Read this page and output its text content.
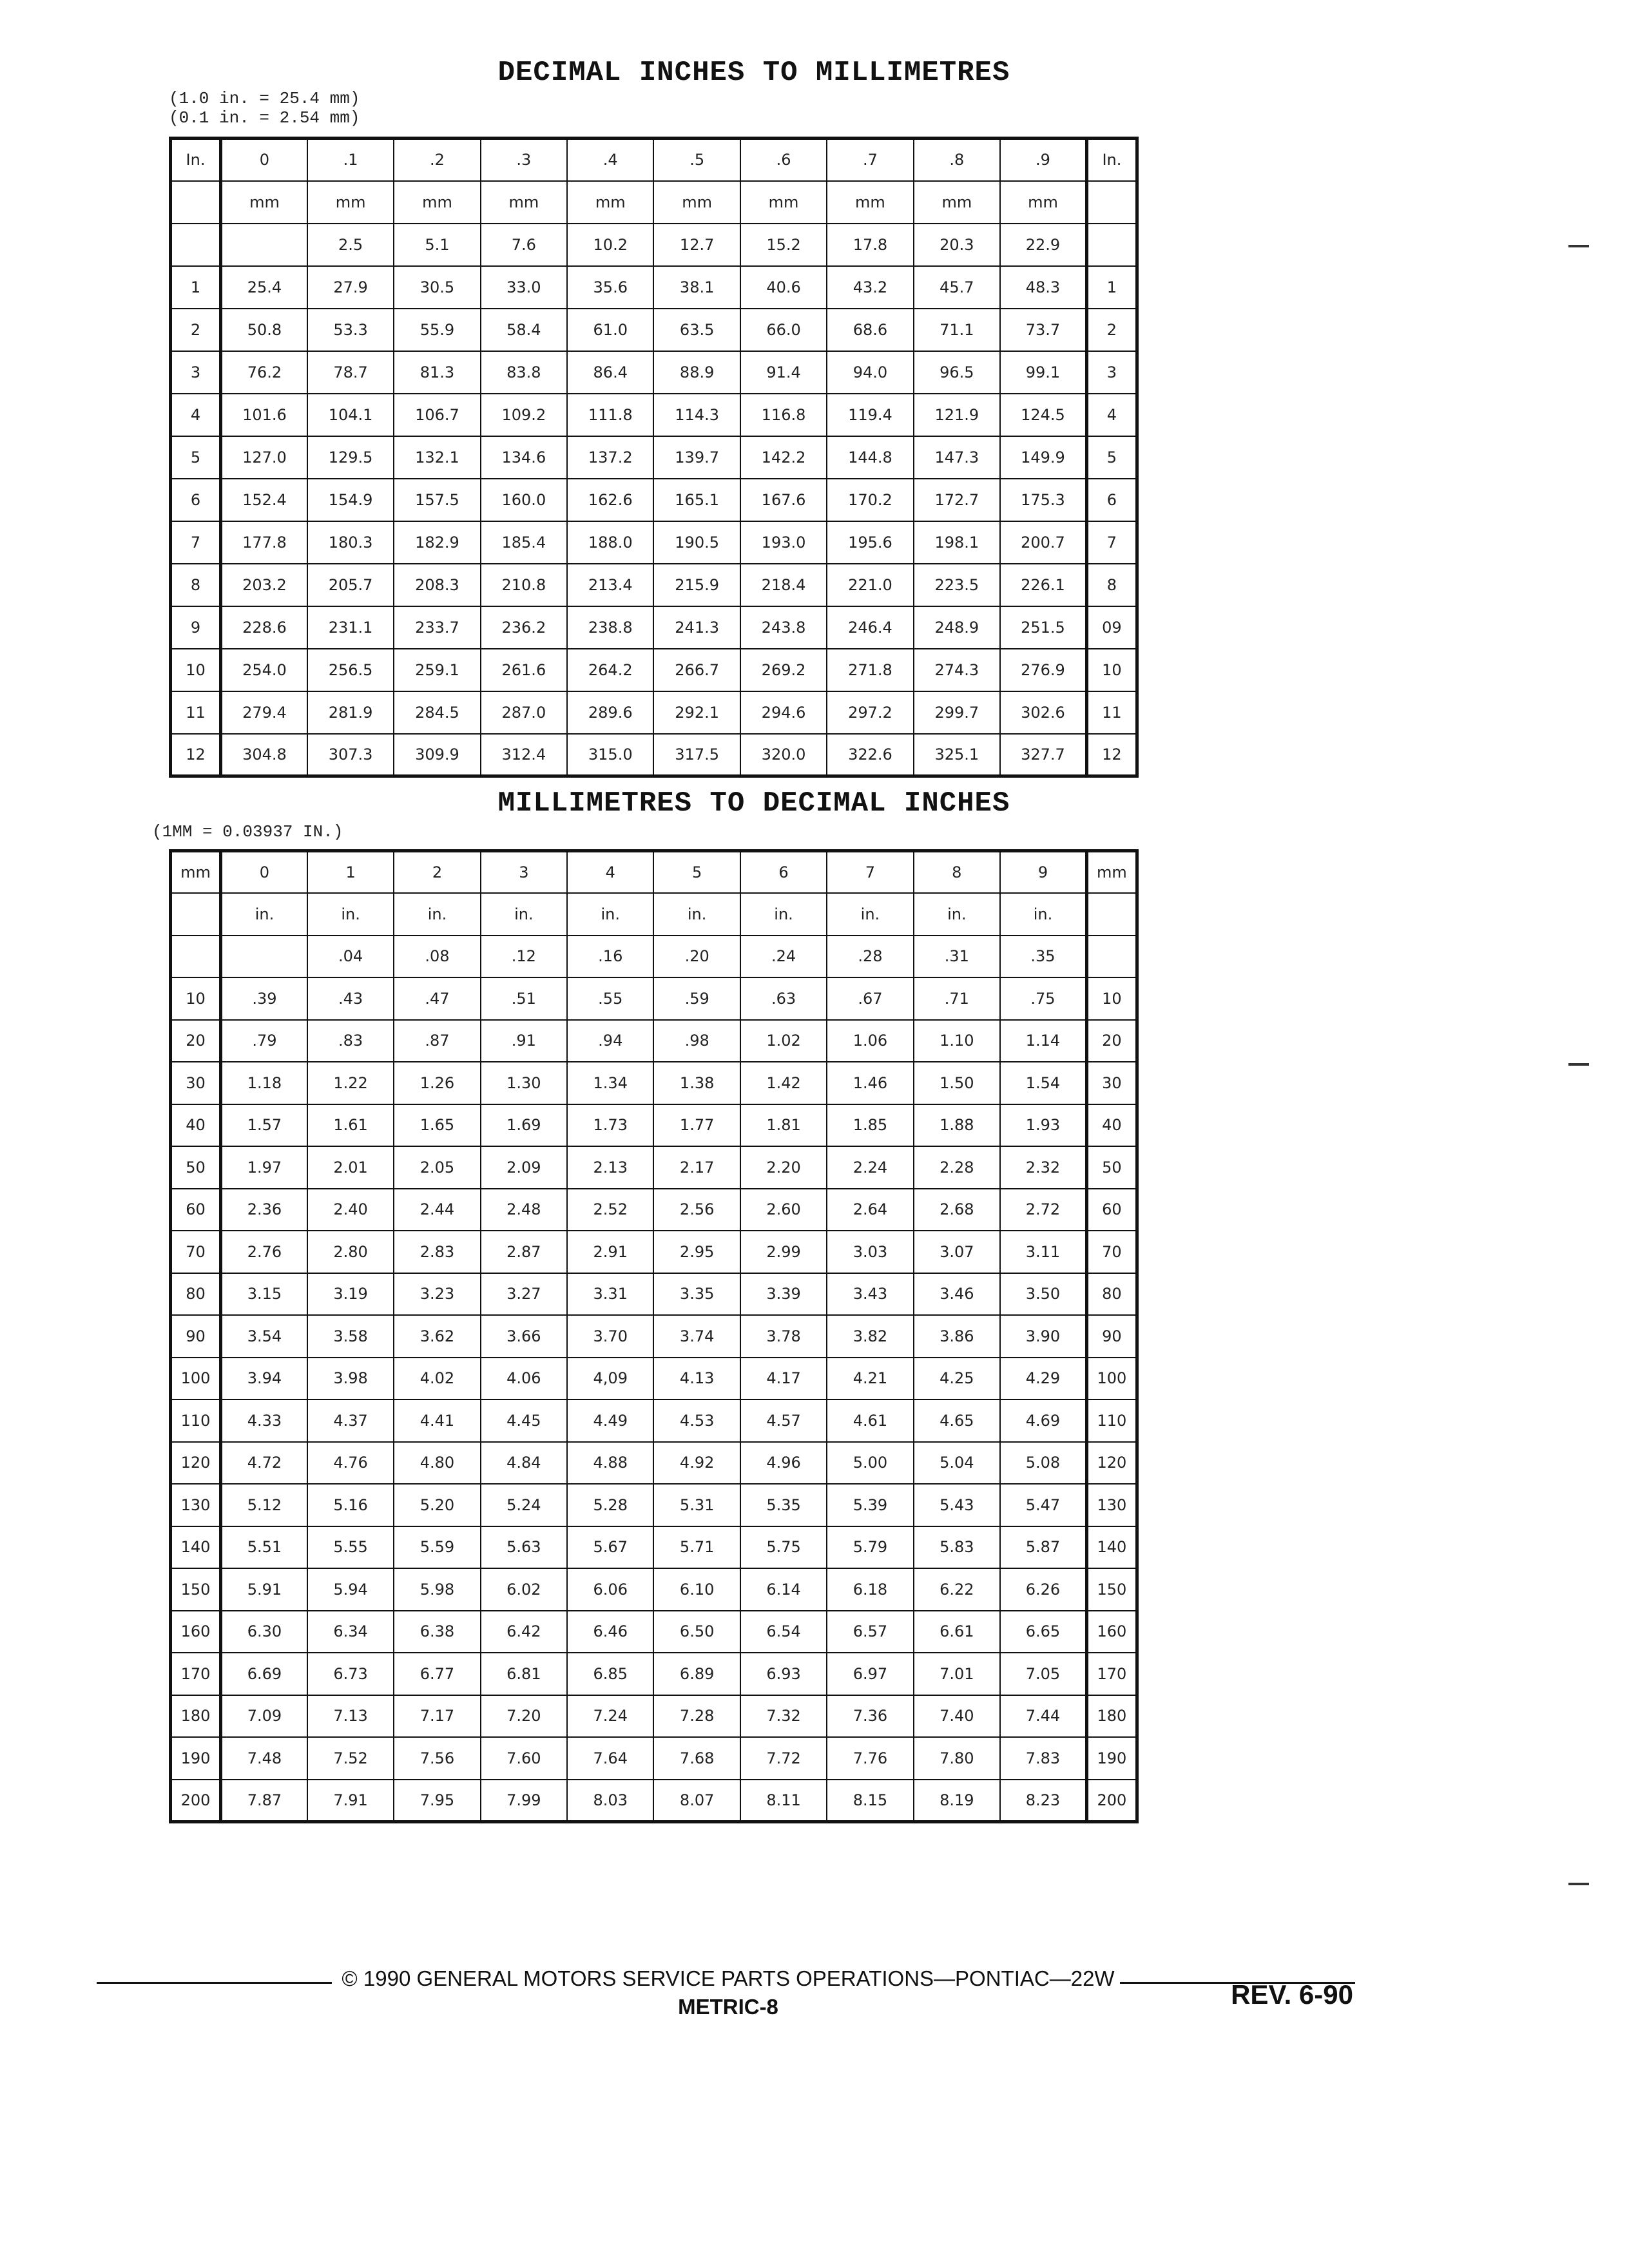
DECIMAL INCHES TO MILLIMETRES
(1.0 in. = 25.4 mm)
(0.1 in. = 2.54 mm)
In.	0	.1	.2	.3	.4	.5	.6	.7	.8	.9	In.
	mm	mm	mm	mm	mm	mm	mm	mm	mm	mm	
		2.5	5.1	7.6	10.2	12.7	15.2	17.8	20.3	22.9	
1	25.4	27.9	30.5	33.0	35.6	38.1	40.6	43.2	45.7	48.3	1
2	50.8	53.3	55.9	58.4	61.0	63.5	66.0	68.6	71.1	73.7	2
3	76.2	78.7	81.3	83.8	86.4	88.9	91.4	94.0	96.5	99.1	3
4	101.6	104.1	106.7	109.2	111.8	114.3	116.8	119.4	121.9	124.5	4
5	127.0	129.5	132.1	134.6	137.2	139.7	142.2	144.8	147.3	149.9	5
6	152.4	154.9	157.5	160.0	162.6	165.1	167.6	170.2	172.7	175.3	6
7	177.8	180.3	182.9	185.4	188.0	190.5	193.0	195.6	198.1	200.7	7
8	203.2	205.7	208.3	210.8	213.4	215.9	218.4	221.0	223.5	226.1	8
9	228.6	231.1	233.7	236.2	238.8	241.3	243.8	246.4	248.9	251.5	09
10	254.0	256.5	259.1	261.6	264.2	266.7	269.2	271.8	274.3	276.9	10
11	279.4	281.9	284.5	287.0	289.6	292.1	294.6	297.2	299.7	302.6	11
12	304.8	307.3	309.9	312.4	315.0	317.5	320.0	322.6	325.1	327.7	12
MILLIMETRES TO DECIMAL INCHES
(1MM = 0.03937 IN.)
mm	0	1	2	3	4	5	6	7	8	9	mm
	in.	in.	in.	in.	in.	in.	in.	in.	in.	in.	
		.04	.08	.12	.16	.20	.24	.28	.31	.35	
10	.39	.43	.47	.51	.55	.59	.63	.67	.71	.75	10
20	.79	.83	.87	.91	.94	.98	1.02	1.06	1.10	1.14	20
30	1.18	1.22	1.26	1.30	1.34	1.38	1.42	1.46	1.50	1.54	30
40	1.57	1.61	1.65	1.69	1.73	1.77	1.81	1.85	1.88	1.93	40
50	1.97	2.01	2.05	2.09	2.13	2.17	2.20	2.24	2.28	2.32	50
60	2.36	2.40	2.44	2.48	2.52	2.56	2.60	2.64	2.68	2.72	60
70	2.76	2.80	2.83	2.87	2.91	2.95	2.99	3.03	3.07	3.11	70
80	3.15	3.19	3.23	3.27	3.31	3.35	3.39	3.43	3.46	3.50	80
90	3.54	3.58	3.62	3.66	3.70	3.74	3.78	3.82	3.86	3.90	90
100	3.94	3.98	4.02	4.06	4,09	4.13	4.17	4.21	4.25	4.29	100
110	4.33	4.37	4.41	4.45	4.49	4.53	4.57	4.61	4.65	4.69	110
120	4.72	4.76	4.80	4.84	4.88	4.92	4.96	5.00	5.04	5.08	120
130	5.12	5.16	5.20	5.24	5.28	5.31	5.35	5.39	5.43	5.47	130
140	5.51	5.55	5.59	5.63	5.67	5.71	5.75	5.79	5.83	5.87	140
150	5.91	5.94	5.98	6.02	6.06	6.10	6.14	6.18	6.22	6.26	150
160	6.30	6.34	6.38	6.42	6.46	6.50	6.54	6.57	6.61	6.65	160
170	6.69	6.73	6.77	6.81	6.85	6.89	6.93	6.97	7.01	7.05	170
180	7.09	7.13	7.17	7.20	7.24	7.28	7.32	7.36	7.40	7.44	180
190	7.48	7.52	7.56	7.60	7.64	7.68	7.72	7.76	7.80	7.83	190
200	7.87	7.91	7.95	7.99	8.03	8.07	8.11	8.15	8.19	8.23	200
© 1990 GENERAL MOTORS SERVICE PARTS OPERATIONS—PONTIAC—22W
METRIC-8	REV. 6-90
